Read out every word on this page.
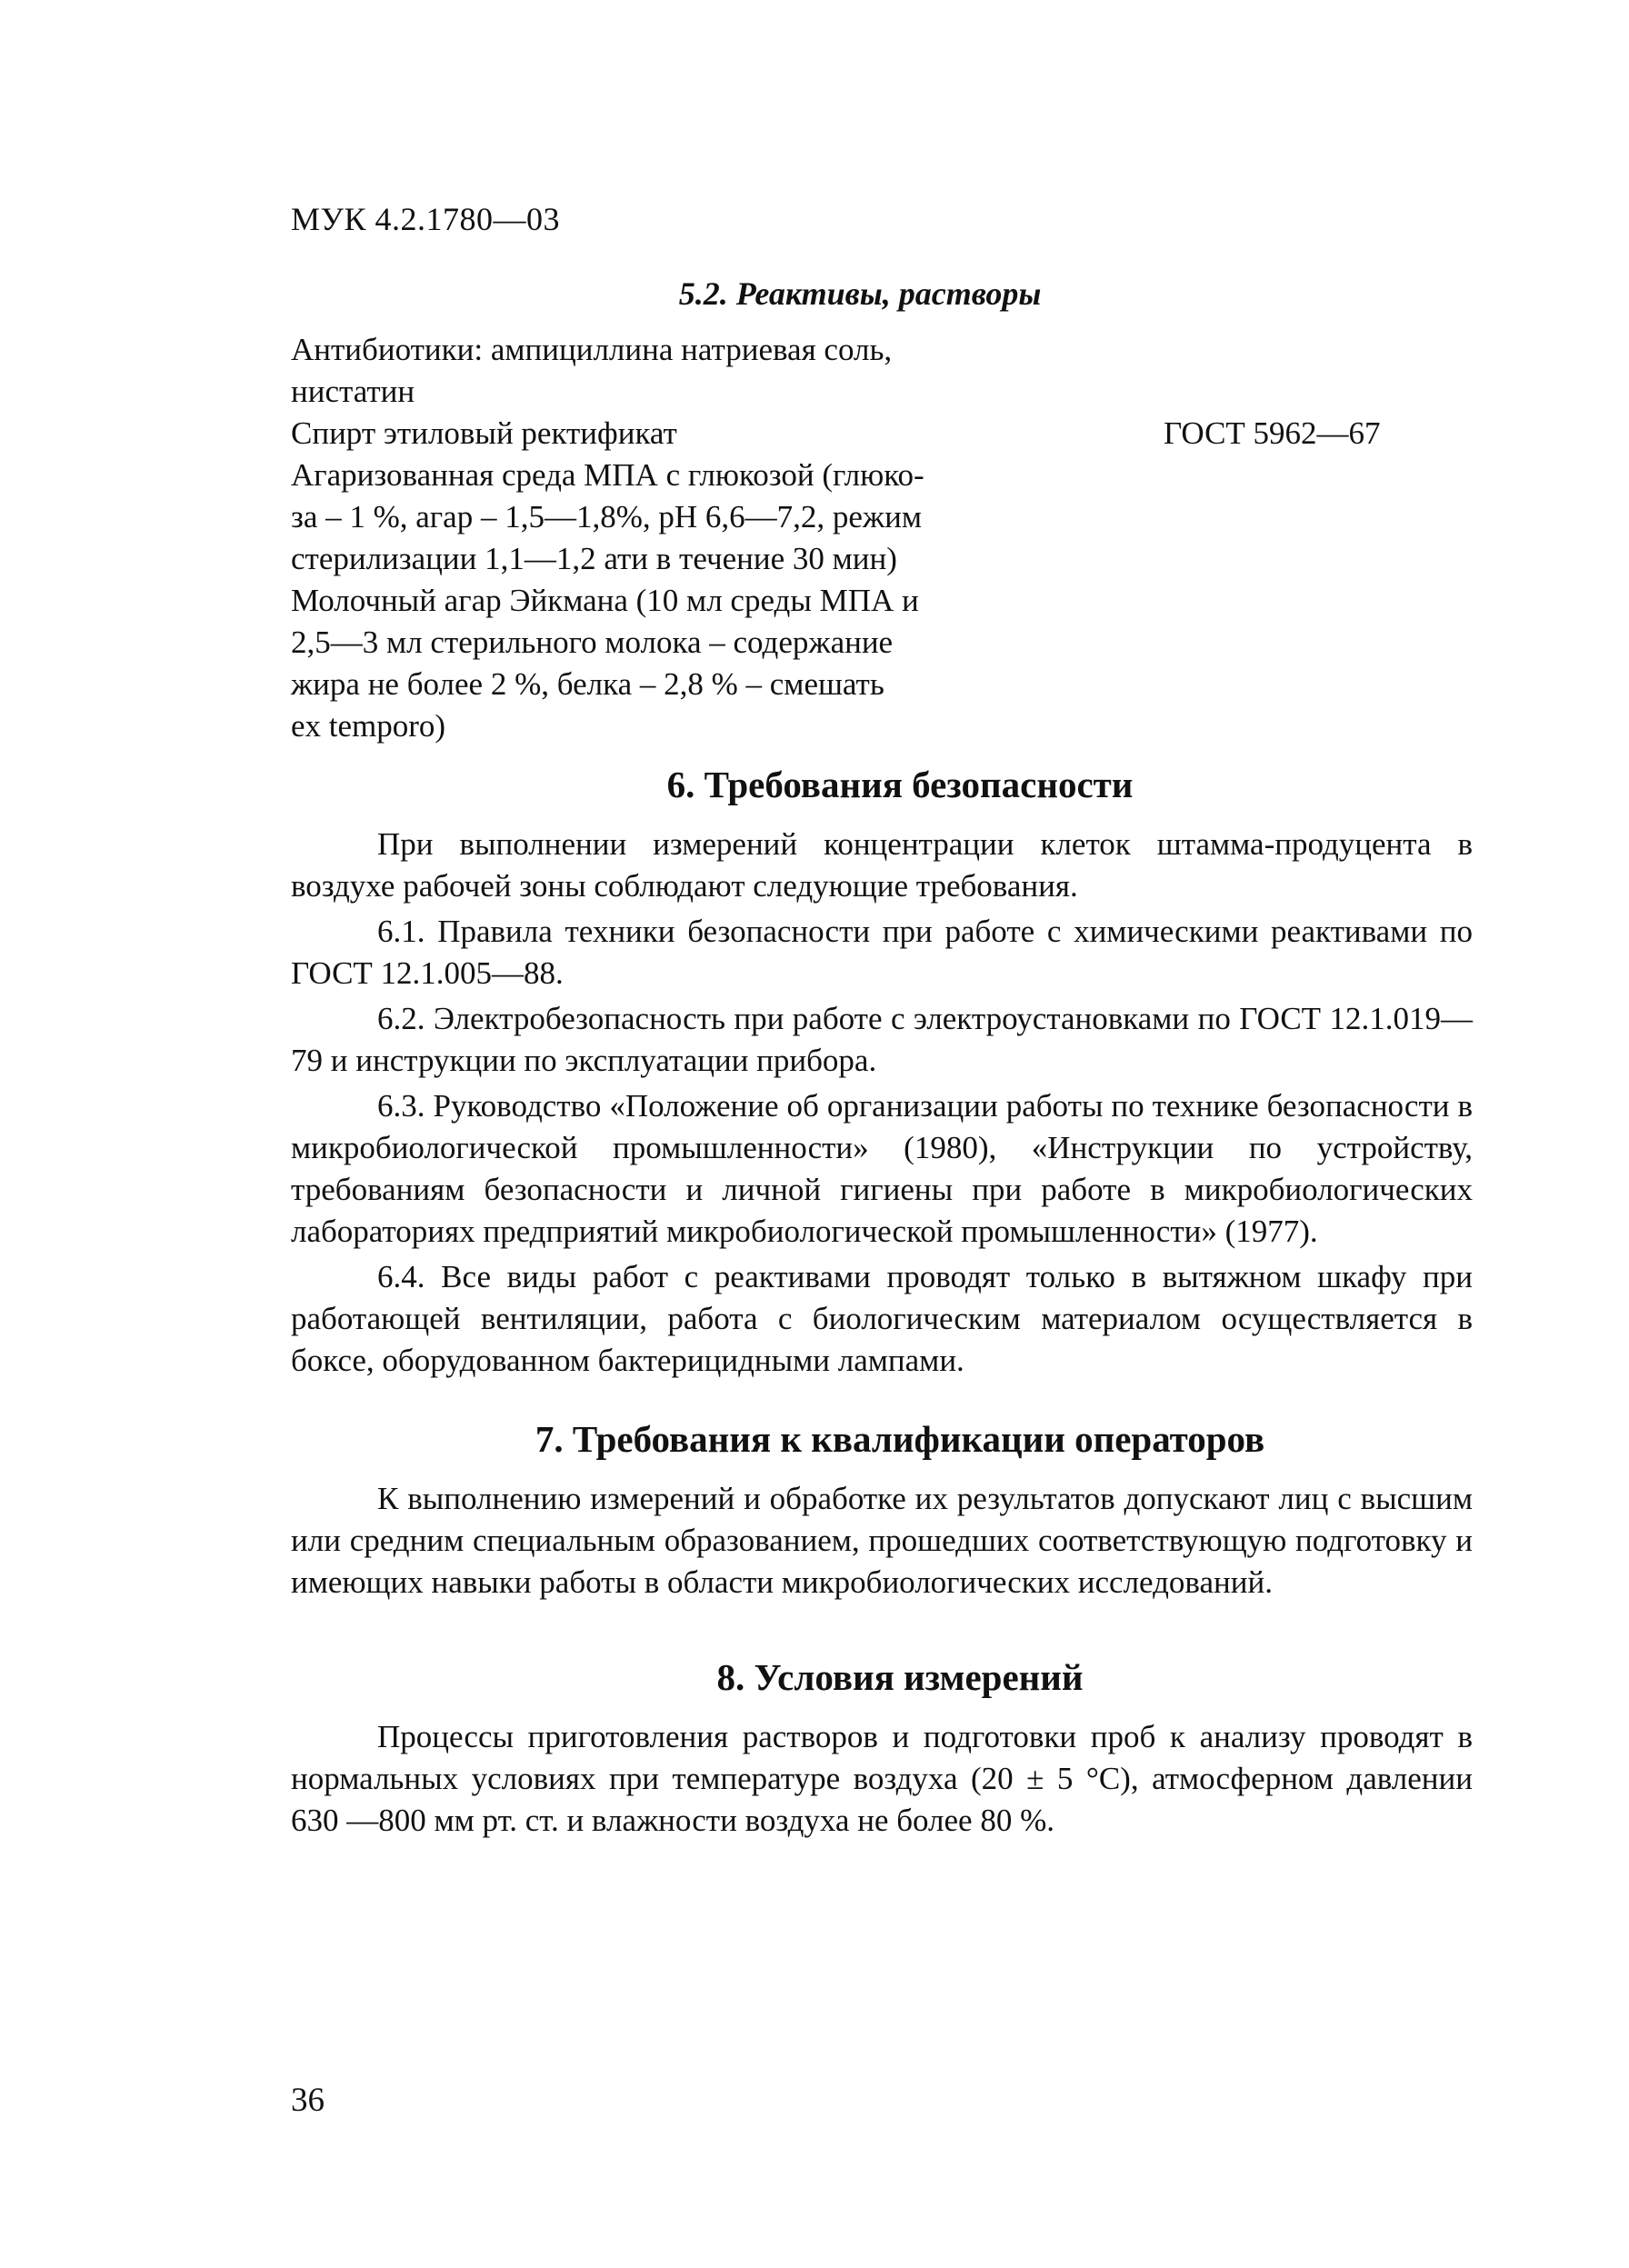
МУК 4.2.1780—03
5.2. Реактивы, растворы
Антибиотики: ампициллина натриевая соль,
нистатин
Спирт этиловый ректификат	ГОСТ 5962—67
Агаризованная среда МПА с глюкозой (глюко-
за – 1 %, агар – 1,5—1,8%, рН 6,6—7,2, режим
стерилизации 1,1—1,2 ати в течение 30 мин)
Молочный агар Эйкмана (10 мл среды МПА и
2,5—3 мл стерильного молока – содержание
жира не более 2 %, белка – 2,8 % – смешать
ex temporo)
6. Требования безопасности

При выполнении измерений концентрации клеток штамма-продуцента в воздухе рабочей зоны соблюдают следующие требования.

6.1. Правила техники безопасности при работе с химическими реактивами по ГОСТ 12.1.005—88.

6.2. Электробезопасность при работе с электроустановками по ГОСТ 12.1.019—79 и инструкции по эксплуатации прибора.

6.3. Руководство «Положение об организации работы по технике безопасности в микробиологической промышленности» (1980), «Инструкции по устройству, требованиям безопасности и личной гигиены при работе в микробиологических лабораториях предприятий микробиологической промышленности» (1977).

6.4. Все виды работ с реактивами проводят только в вытяжном шкафу при работающей вентиляции, работа с биологическим материалом осуществляется в боксе, оборудованном бактерицидными лампами.

7. Требования к квалификации операторов

К выполнению измерений и обработке их результатов допускают лиц с высшим или средним специальным образованием, прошедших соответствующую подготовку и имеющих навыки работы в области микробиологических исследований.

8. Условия измерений

Процессы приготовления растворов и подготовки проб к анализу проводят в нормальных условиях при температуре воздуха (20 ± 5 °С), атмосферном давлении 630 —800 мм рт. ст. и влажности воздуха не более 80 %.

36
